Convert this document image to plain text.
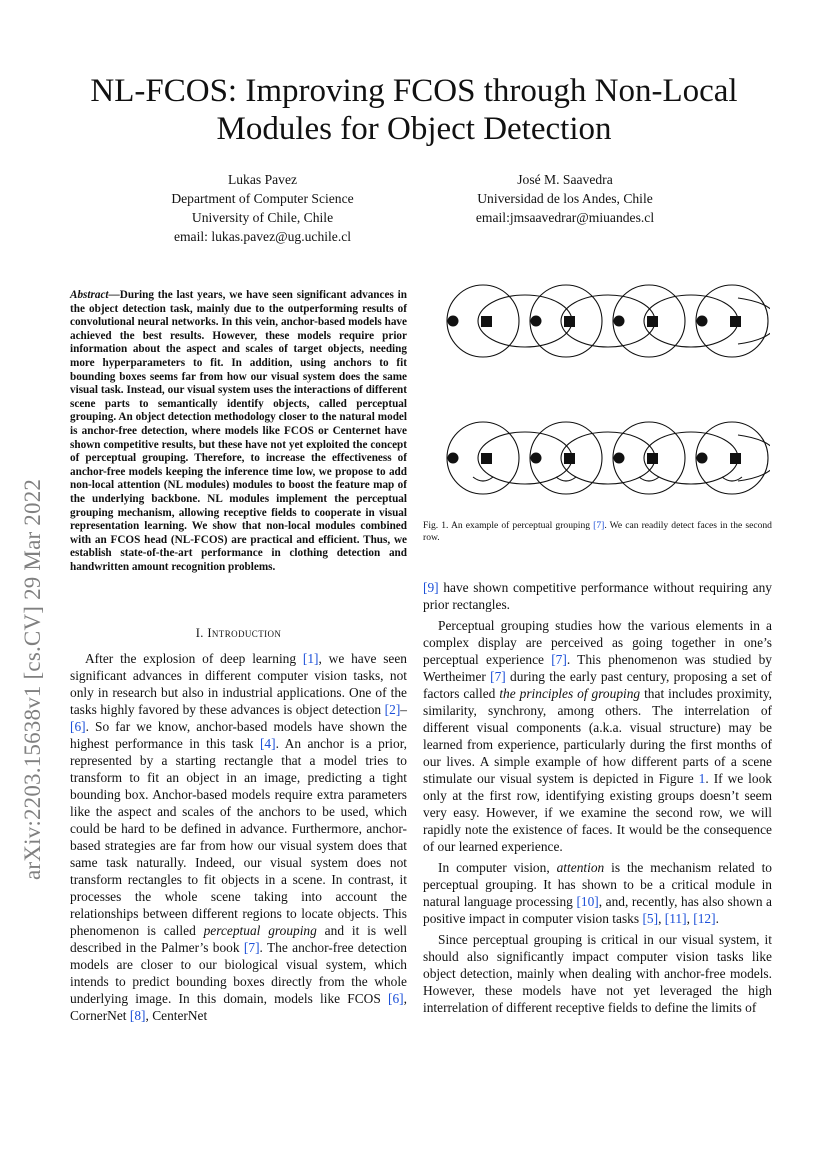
arXiv:2203.15638v1 [cs.CV] 29 Mar 2022
NL-FCOS: Improving FCOS through Non-Local
Modules for Object Detection
Lukas Pavez
Department of Computer Science
University of Chile, Chile
email: lukas.pavez@ug.uchile.cl
José M. Saavedra
Universidad de los Andes, Chile
email:jmsaavedrar@miuandes.cl
Abstract—During the last years, we have seen significant advances in the object detection task, mainly due to the outperforming results of convolutional neural networks. In this vein, anchor-based models have achieved the best results. However, these models require prior information about the aspect and scales of target objects, needing more hyperparameters to fit. In addition, using anchors to fit bounding boxes seems far from how our visual system does the same visual task. Instead, our visual system uses the interactions of different scene parts to semantically identify objects, called perceptual grouping. An object detection methodology closer to the natural model is anchor-free detection, where models like FCOS or Centernet have shown competitive results, but these have not yet exploited the concept of perceptual grouping. Therefore, to increase the effectiveness of anchor-free models keeping the inference time low, we propose to add non-local attention (NL modules) modules to boost the feature map of the underlying backbone. NL modules implement the perceptual grouping mechanism, allowing receptive fields to cooperate in visual representation learning. We show that non-local modules combined with an FCOS head (NL-FCOS) are practical and efficient. Thus, we establish state-of-the-art performance in clothing detection and handwritten amount recognition problems.
I. Introduction

After the explosion of deep learning [1], we have seen significant advances in different computer vision tasks, not only in research but also in industrial applications. One of the tasks highly favored by these advances is object detection [2]–[6]. So far we know, anchor-based models have shown the highest performance in this task [4]. An anchor is a prior, represented by a starting rectangle that a model tries to transform to fit an object in an image, predicting a tight bounding box. Anchor-based models require extra parameters like the aspect and scales of the anchors to be used, which could be hard to be defined in advance. Furthermore, anchor-based strategies are far from how our visual system does that same task naturally. Indeed, our visual system does not transform rectangles to fit objects in a scene. In contrast, it processes the whole scene taking into account the relationships between different regions to locate objects. This phenomenon is called perceptual grouping and it is well described in the Palmer’s book [7]. The anchor-free detection models are closer to our biological visual system, which intends to predict bounding boxes directly from the whole underlying image. In this domain, models like FCOS [6], CornerNet [8], CenterNet

Fig. 1. An example of perceptual grouping [7]. We can readily detect faces in the second row.

[9] have shown competitive performance without requiring any prior rectangles.

Perceptual grouping studies how the various elements in a complex display are perceived as going together in one’s perceptual experience [7]. This phenomenon was studied by Wertheimer [7] during the early past century, proposing a set of factors called the principles of grouping that includes proximity, similarity, synchrony, among others. The interrelation of different visual components (a.k.a. visual structure) may be learned from experience, particularly during the first months of our lives. A simple example of how different parts of a scene stimulate our visual system is depicted in Figure 1. If we look only at the first row, identifying existing groups doesn’t seem very easy. However, if we examine the second row, we will rapidly note the existence of faces. It would be the consequence of our learned experience.

In computer vision, attention is the mechanism related to perceptual grouping. It has shown to be a critical module in natural language processing [10], and, recently, has also shown a positive impact in computer vision tasks [5], [11], [12].

Since perceptual grouping is critical in our visual system, it should also significantly impact computer vision tasks like object detection, mainly when dealing with anchor-free models. However, these models have not yet leveraged the high interrelation of different receptive fields to define the limits of
